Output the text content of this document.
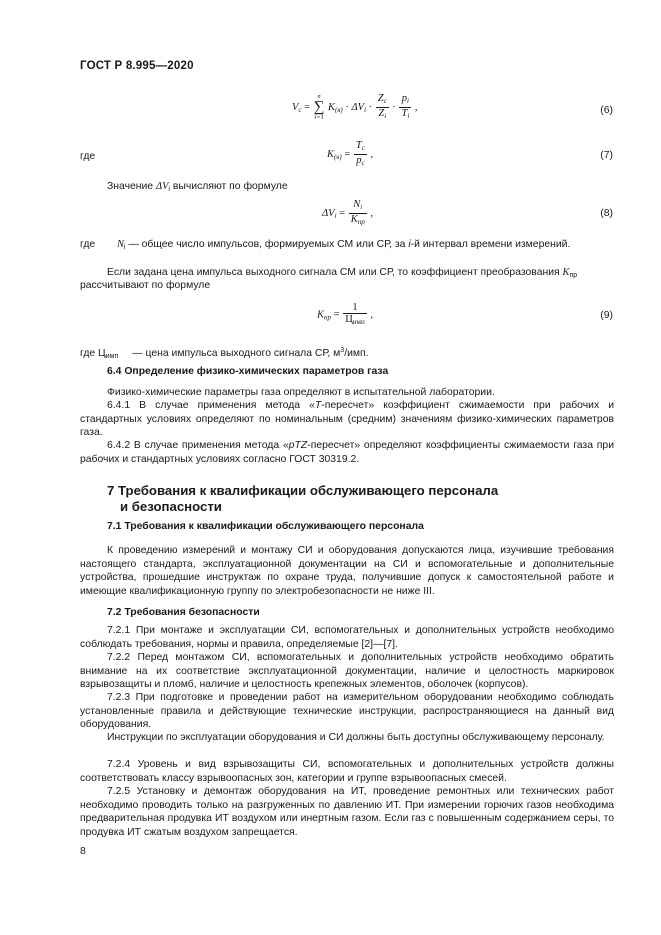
ГОСТ Р 8.995—2020
$V_c$ =
n
∑
i=1
$K_{(в)} \cdot \Delta V_i \cdot \frac{Z_c}{Z_i} \cdot \frac{p_i}{T_i}$ ,	(6)
где	$K_{(в)} = \frac{T_c}{p_c}$ ,	(7)
Значение $\Delta V_i$ вычисляют по формуле
$\Delta V_i = \frac{N_i}{K_{пр}}$ ,	(8)
где $N_i$ — общее число импульсов, формируемых СМ или СР, за i-й интервал времени измерений.
Если задана цена импульса выходного сигнала СМ или СР, то коэффициент преобразования $K_{пр}$
рассчитывают по формуле
$K_{пр} = \frac{1}{Ц_{имп}}$ ,	(9)
где $Ц_{имп}$ — цена импульса выходного сигнала СР, $м^3$/имп.
6.4 Определение физико-химических параметров газа
Физико-химические параметры газа определяют в испытательной лаборатории.
6.4.1 В случае применения метода «T-пересчет» коэффициент сжимаемости при рабочих и стандартных условиях определяют по номинальным (средним) значениям физико-химических параметров газа.
6.4.2 В случае применения метода «pTZ-пересчет» определяют коэффициенты сжимаемости газа при рабочих и стандартных условиях согласно ГОСТ 30319.2.
7 Требования к квалификации обслуживающего персонала
и безопасности
7.1 Требования к квалификации обслуживающего персонала
К проведению измерений и монтажу СИ и оборудования допускаются лица, изучившие требования настоящего стандарта, эксплуатационной документации на СИ и вспомогательные и дополнительные устройства, прошедшие инструктаж по охране труда, получившие допуск к самостоятельной работе и имеющие квалификационную группу по электробезопасности не ниже III.
7.2 Требования безопасности
7.2.1 При монтаже и эксплуатации СИ, вспомогательных и дополнительных устройств необходимо соблюдать требования, нормы и правила, определяемые [2]—[7].
7.2.2 Перед монтажом СИ, вспомогательных и дополнительных устройств необходимо обратить внимание на их соответствие эксплуатационной документации, наличие и целостность маркировок взрывозащиты и пломб, наличие и целостность крепежных элементов, оболочек (корпусов).
7.2.3 При подготовке и проведении работ на измерительном оборудовании необходимо соблюдать установленные правила и действующие технические инструкции, распространяющиеся на данный вид оборудования.
Инструкции по эксплуатации оборудования и СИ должны быть доступны обслуживающему персоналу.
7.2.4 Уровень и вид взрывозащиты СИ, вспомогательных и дополнительных устройств должны соответствовать классу взрывоопасных зон, категории и группе взрывоопасных смесей.
7.2.5 Установку и демонтаж оборудования на ИТ, проведение ремонтных или технических работ необходимо проводить только на разгруженных по давлению ИТ. При измерении горючих газов необходима предварительная продувка ИТ воздухом или инертным газом. Если газ с повышенным содержанием серы, то продувка ИТ сжатым воздухом запрещается.
8
